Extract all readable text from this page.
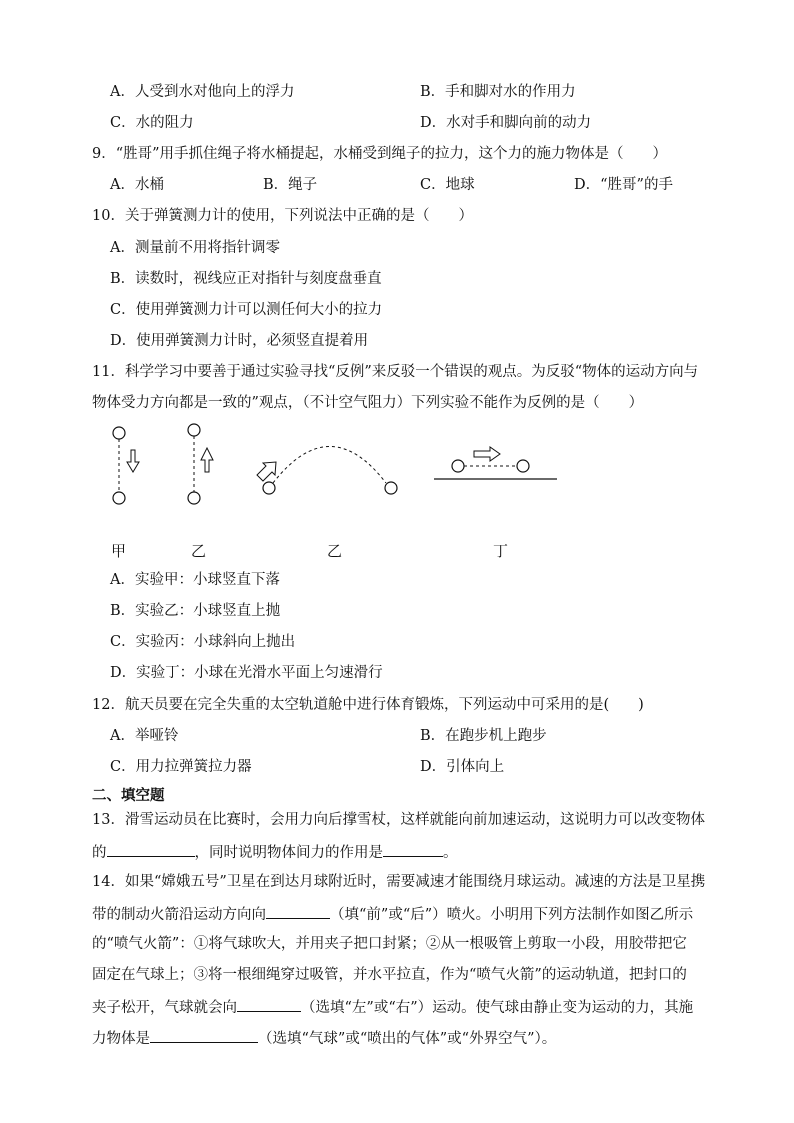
A．人受到水对他向上的浮力	B．手和脚对水的作用力
C．水的阻力	D．水对手和脚向前的动力
9．“胜哥”用手抓住绳子将水桶提起，水桶受到绳子的拉力，这个力的施力物体是（　　）
A．水桶	B．绳子	C．地球	D．“胜哥”的手
10．关于弹簧测力计的使用，下列说法中正确的是（　　）
A．测量前不用将指针调零
B．读数时，视线应正对指针与刻度盘垂直
C．使用弹簧测力计可以测任何大小的拉力
D．使用弹簧测力计时，必须竖直提着用
11．科学学习中要善于通过实验寻找“反例”来反驳一个错误的观点。为反驳“物体的运动方向与
物体受力方向都是一致的”观点，（不计空气阻力）下列实验不能作为反例的是（　　）
甲	乙	乙	丁
A．实验甲：小球竖直下落
B．实验乙：小球竖直上抛
C．实验丙：小球斜向上抛出
D．实验丁：小球在光滑水平面上匀速滑行
12．航天员要在完全失重的太空轨道舱中进行体育锻炼，下列运动中可采用的是(　　)
A．举哑铃	B．在跑步机上跑步
C．用力拉弹簧拉力器	D．引体向上
二、填空题
13．滑雪运动员在比赛时，会用力向后撑雪杖，这样就能向前加速运动，这说明力可以改变物体
的	，同时说明物体间力的作用是	。
14．如果“嫦娥五号”卫星在到达月球附近时，需要减速才能围绕月球运动。减速的方法是卫星携
带的制动火箭沿运动方向向	（填“前”或“后”）喷火。小明用下列方法制作如图乙所示
的“喷气火箭”：①将气球吹大，并用夹子把口封紧；②从一根吸管上剪取一小段，用胶带把它
固定在气球上；③将一根细绳穿过吸管，并水平拉直，作为“喷气火箭”的运动轨道，把封口的
夹子松开，气球就会向	（选填“左”或“右”）运动。使气球由静止变为运动的力，其施
力物体是	（选填“气球”或“喷出的气体”或“外界空气”）。
